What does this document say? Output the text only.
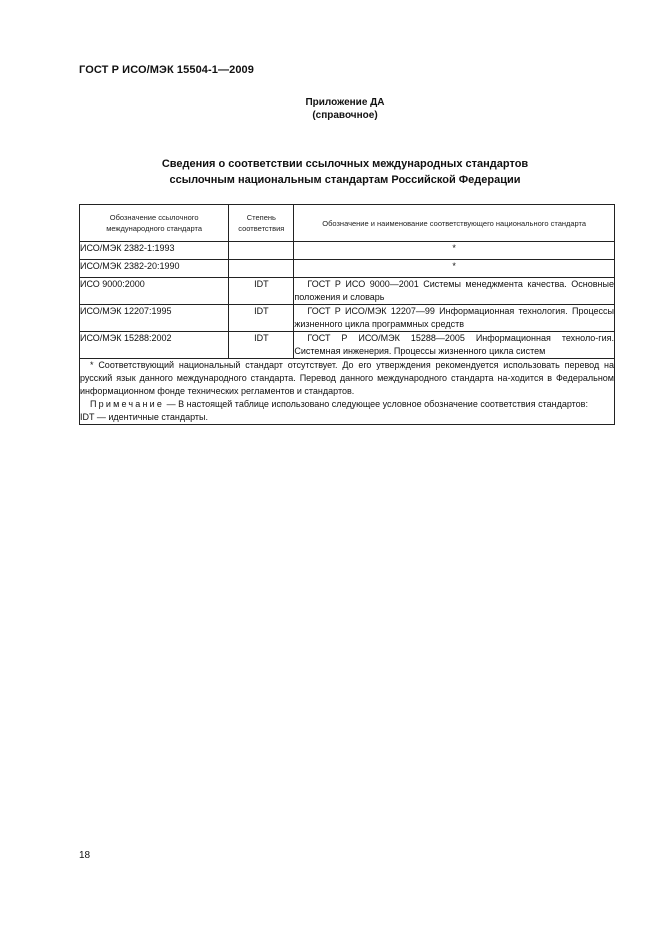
ГОСТ Р ИСО/МЭК 15504-1—2009
Приложение ДА
(справочное)
Сведения о соответствии ссылочных международных стандартов
ссылочным национальным стандартам Российской Федерации
Обозначение ссылочного международного стандарта	Степень соответствия	Обозначение и наименование соответствующего национального стандарта
ИСО/МЭК 2382-1:1993		*
ИСО/МЭК 2382-20:1990		*
ИСО 9000:2000	IDT	ГОСТ Р ИСО 9000—2001 Системы менеджмента качества. Основные положения и словарь
ИСО/МЭК 12207:1995	IDT	ГОСТ Р ИСО/МЭК 12207—99 Информационная технология. Процессы жизненного цикла программных средств
ИСО/МЭК 15288:2002	IDT	ГОСТ Р ИСО/МЭК 15288—2005 Информационная техноло-гия. Системная инженерия. Процессы жизненного цикла систем

* Соответствующий национальный стандарт отсутствует. До его утверждения рекомендуется использовать перевод на русский язык данного международного стандарта. Перевод данного международного стандарта на-ходится в Федеральном информационном фонде технических регламентов и стандартов.

Примечание — В настоящей таблице использовано следующее условное обозначение соответствия стандартов:

IDT — идентичные стандарты.		

18
